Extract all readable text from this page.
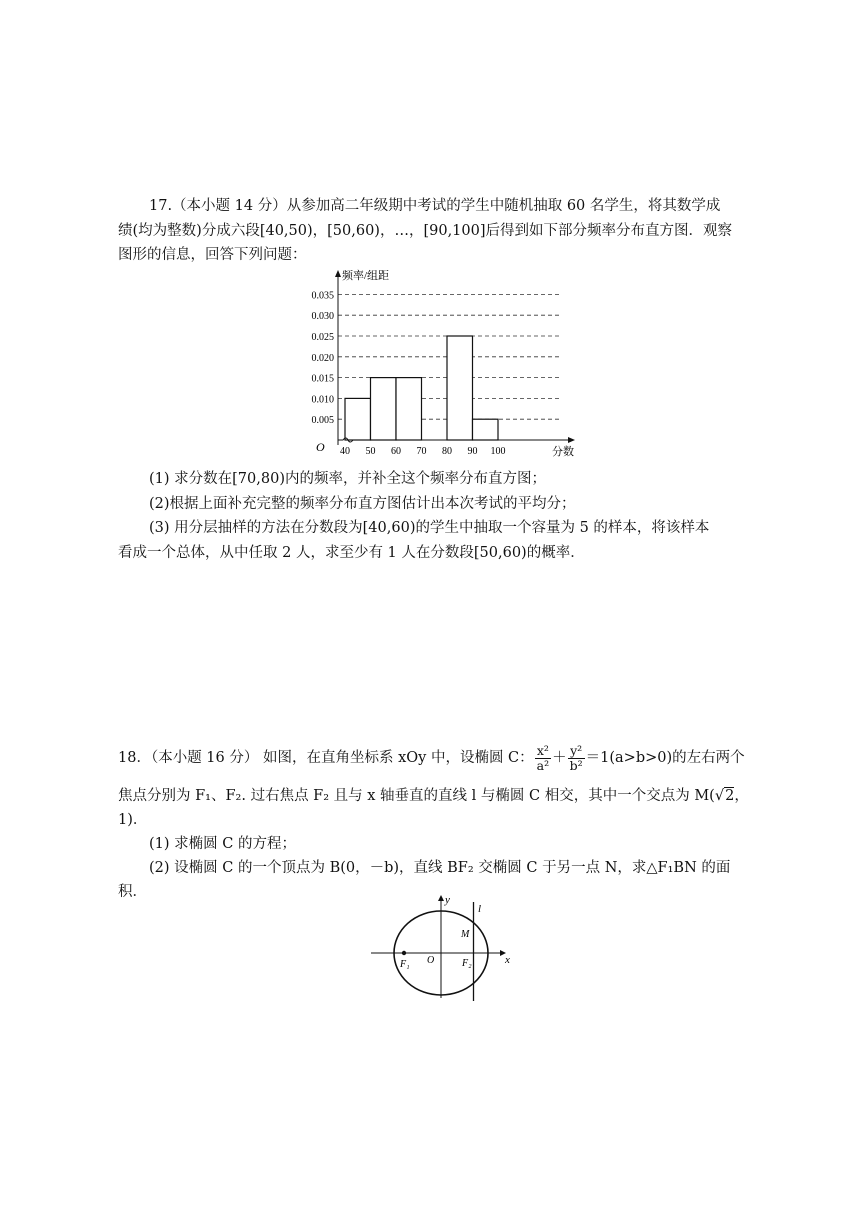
17.（本小题 14 分）从参加高二年级期中考试的学生中随机抽取 60 名学生，将其数学成
绩(均为整数)分成六段[40,50)，[50,60)，…，[90,100]后得到如下部分频率分布直方图．观察
图形的信息，回答下列问题：
0.005
0.010
0.015
0.020
0.025
0.030
0.035
40 50 60 70 80 90 100
频率/组距
分数
O
(1) 求分数在[70,80)内的频率，并补全这个频率分布直方图；
(2)根据上面补充完整的频率分布直方图估计出本次考试的平均分；
(3) 用分层抽样的方法在分数段为[40,60)的学生中抽取一个容量为 5 的样本，将该样本
看成一个总体，从中任取 2 人，求至少有 1 人在分数段[50,60)的概率．
18．（本小题 16 分） 如图，在直角坐标系 xOy 中，设椭圆 C： $\frac{\text{x²}}{\text{a²}} + \frac{\text{y²}}{\text{b²}} =1(a>b>0)$的左右两个
焦点分别为 F₁、F₂. 过右焦点 F₂ 且与 x 轴垂直的直线 l 与椭圆 C 相交，其中一个交点为 M(√2，
1)．
(1) 求椭圆 C 的方程；
(2) 设椭圆 C 的一个顶点为 B(0，－b)，直线 BF₂ 交椭圆 C 于另一点 N，求△F₁BN 的面
积．	y
x
l
M
O
F₁	F₂
